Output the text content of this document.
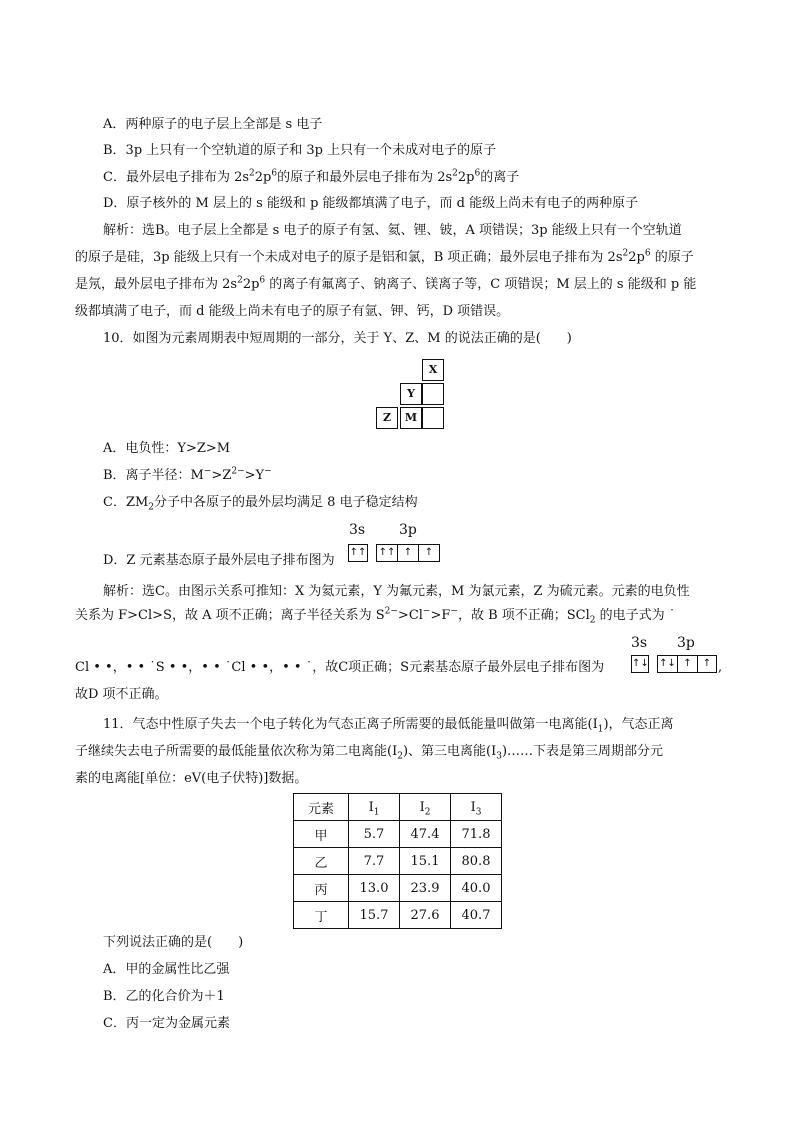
A．两种原子的电子层上全部是 s 电子
B．3p 上只有一个空轨道的原子和 3p 上只有一个未成对电子的原子
C．最外层电子排布为 $2s^22p^6$的原子和最外层电子排布为 $2s^22p^6$的离子
D．原子核外的 M 层上的 s 能级和 p 能级都填满了电子，而 d 能级上尚未有电子的两种原子
解析：选B。电子层上全都是 s 电子的原子有氢、氦、锂、铍，A 项错误；3p 能级上只有一个空轨道
的原子是硅，3p 能级上只有一个未成对电子的原子是铝和氯，B 项正确；最外层电子排布为 $2s^22p^6$ 的原子
是氖，最外层电子排布为 $2s^22p^6$ 的离子有氟离子、钠离子、镁离子等，C 项错误；M 层上的 s 能级和 p 能
级都填满了电子，而 d 能级上尚未有电子的原子有氩、钾、钙，D 项错误。
10．如图为元素周期表中短周期的一部分，关于 Y、Z、M 的说法正确的是(　　)
X
Y
Z	M
A．电负性：Y>Z>M
B．离子半径：$M^->Z^{2-}>Y^-$
C．$ZM_2$分子中各原子的最外层均满足 8 电子稳定结构
D．Z 元素基态原子最外层电子排布图为
3s 3p
↑↑ ↑↑ ↑	↑
解析：选C。由图示关系可推知：X 为氦元素，Y 为氟元素，M 为氯元素，Z 为硫元素。元素的电负性
关系为 F>Cl>S，故 A 项不正确；离子半径关系为 $S^{2-}>Cl^->F^-$，故 B 项不正确；SCl$_2$ 的电子式为 ˙
Cl • •，• • ˙S • •，• • ˙Cl • •，• • ˙，故C项正确；S元素基态原子最外层电子排布图为
3s 3p
↑↓ ↑↓ ↑	↑ ,
故D 项不正确。
11．气态中性原子失去一个电子转化为气态正离子所需要的最低能量叫做第一电离能$(I_1)$，气态正离
子继续失去电子所需要的最低能量依次称为第二电离能$(I_2)$、第三电离能$(I_3)\dots\dots$下表是第三周期部分元
素的电离能[单位：eV(电子伏特)]数据。
元素	$I_1$	$I_2$	$I_3$
甲	5.7	47.4	71.8
乙	7.7	15.1	80.8
丙	13.0	23.9	40.0
丁	15.7	27.6	40.7
下列说法正确的是(　　)
A．甲的金属性比乙强
B．乙的化合价为＋1
C．丙一定为金属元素
